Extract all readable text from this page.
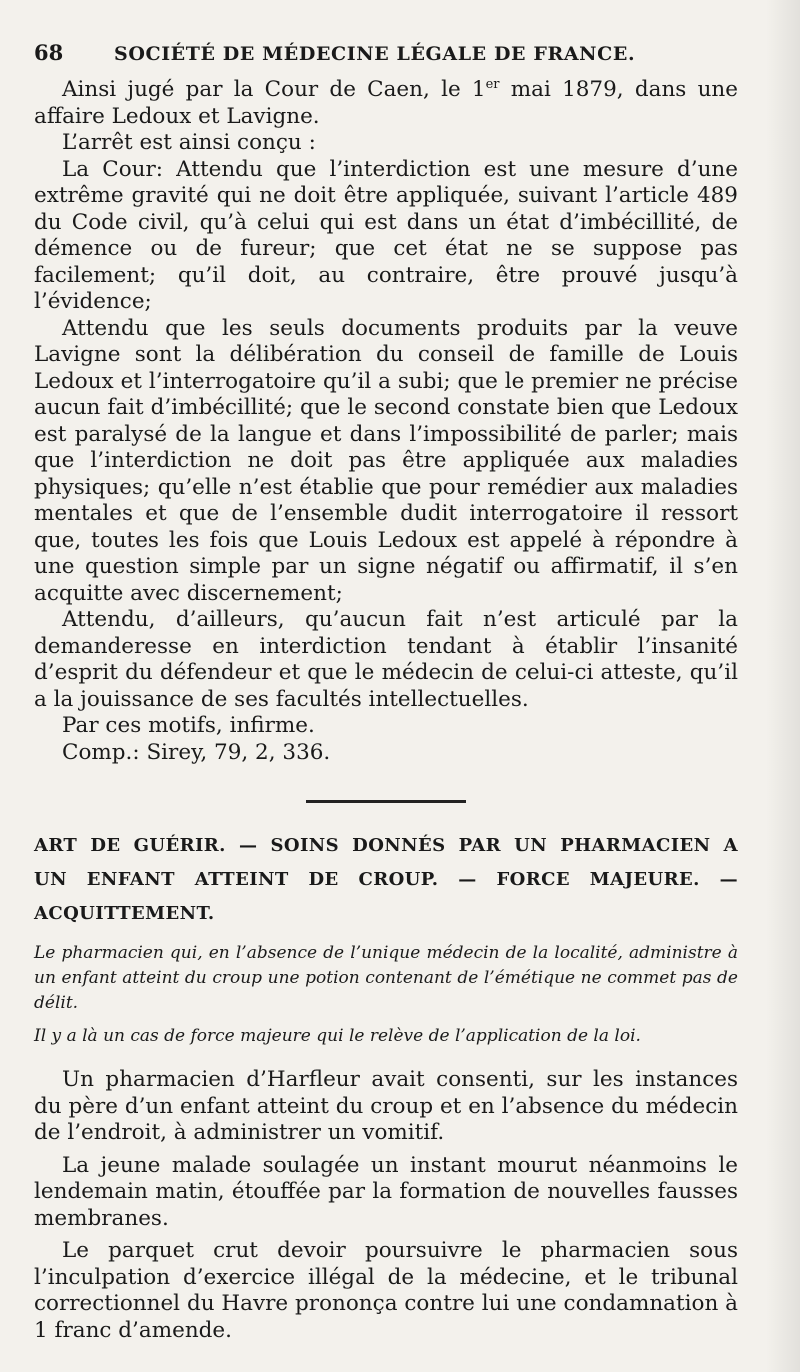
68	SOCIÉTÉ DE MÉDECINE LÉGALE DE FRANCE.

Ainsi jugé par la Cour de Caen, le 1er mai 1879, dans une affaire Ledoux et Lavigne.

L’arrêt est ainsi conçu :

La Cour: Attendu que l’interdiction est une mesure d’une extrême gravité qui ne doit être appliquée, suivant l’article 489 du Code civil, qu’à celui qui est dans un état d’imbécillité, de démence ou de fureur; que cet état ne se suppose pas facilement; qu’il doit, au contraire, être prouvé jusqu’à l’évidence;

Attendu que les seuls documents produits par la veuve Lavigne sont la délibération du conseil de famille de Louis Ledoux et l’interrogatoire qu’il a subi; que le premier ne précise aucun fait d’imbécillité; que le second constate bien que Ledoux est paralysé de la langue et dans l’impossibilité de parler; mais que l’interdiction ne doit pas être appliquée aux maladies physiques; qu’elle n’est établie que pour remédier aux maladies mentales et que de l’ensemble dudit interrogatoire il ressort que, toutes les fois que Louis Ledoux est appelé à répondre à une question simple par un signe négatif ou affirmatif, il s’en acquitte avec discernement;

Attendu, d’ailleurs, qu’aucun fait n’est articulé par la demanderesse en interdiction tendant à établir l’insanité d’esprit du défendeur et que le médecin de celui-ci atteste, qu’il a la jouissance de ses facultés intellectuelles.

Par ces motifs, infirme.

Comp.: Sirey, 79, 2, 336.

ART DE GUÉRIR. — SOINS DONNÉS PAR UN PHARMACIEN A
UN ENFANT ATTEINT DE CROUP. — FORCE MAJEURE. —
ACQUITTEMENT.

Le pharmacien qui, en l’absence de l’unique médecin de la localité, administre à un enfant atteint du croup une potion contenant de l’émétique ne commet pas de délit.

Il y a là un cas de force majeure qui le relève de l’application de la loi.

Un pharmacien d’Harfleur avait consenti, sur les instances du père d’un enfant atteint du croup et en l’absence du médecin de l’endroit, à administrer un vomitif.

La jeune malade soulagée un instant mourut néanmoins le lendemain matin, étouffée par la formation de nouvelles fausses membranes.

Le parquet crut devoir poursuivre le pharmacien sous l’inculpation d’exercice illégal de la médecine, et le tribunal correctionnel du Havre prononça contre lui une condamnation à 1 franc d’amende.
